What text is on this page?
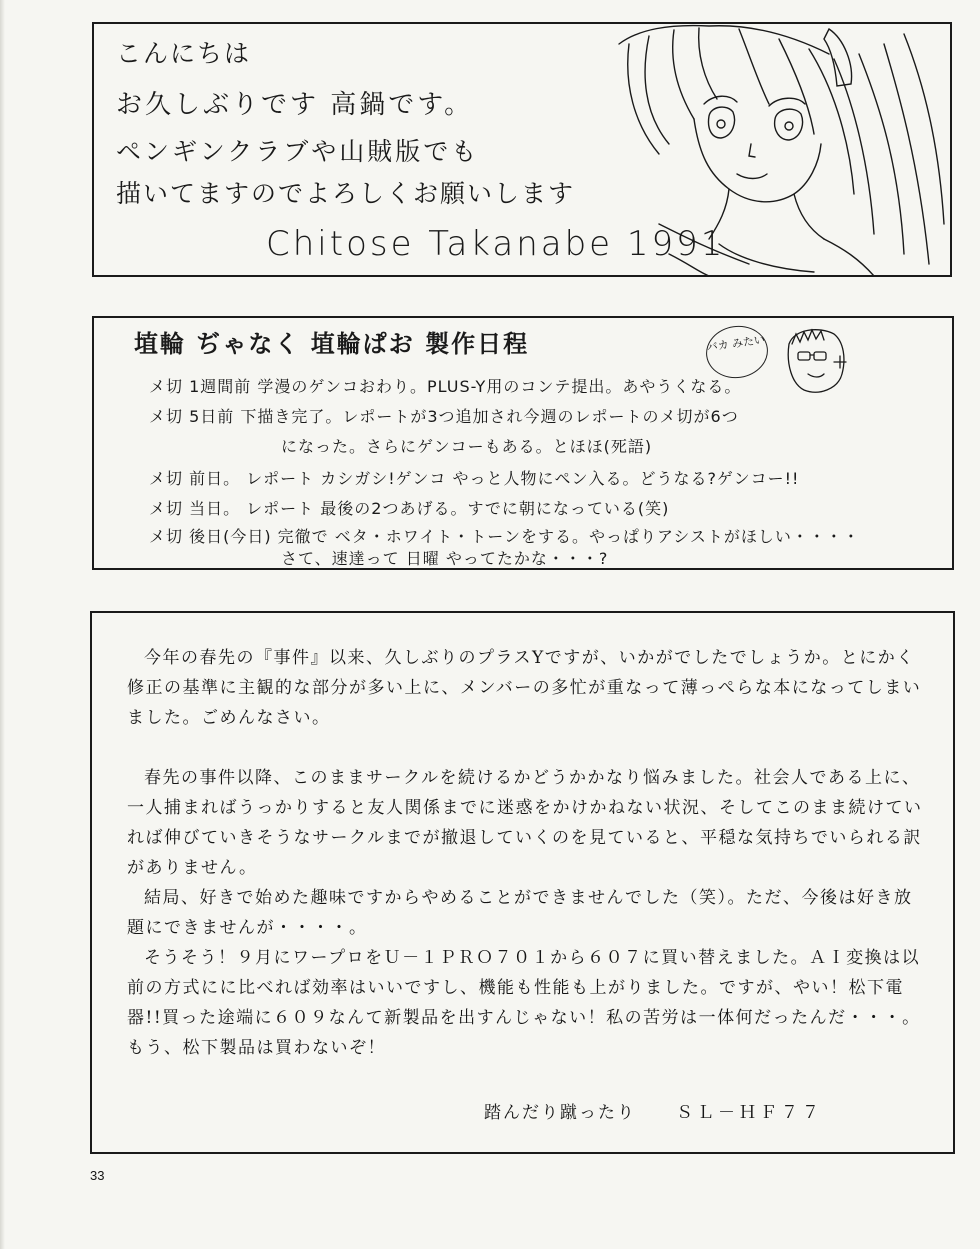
こんにちは
お久しぶりです 高鍋です。
ペンギンクラブや山賊版でも
描いてますのでよろしくお願いします
Chitose Takanabe 1991
埴輪 ぢゃなく 埴輪ぱお 製作日程	バカ みたい
メ切 1週間前 学漫のゲンコおわり。PLUS-Y用のコンテ提出。あやうくなる。
メ切 5日前 下描き完了。レポートが3つ追加され今週のレポートのメ切が6つ
になった。さらにゲンコーもある。とほほ(死語)
メ切 前日。 レポート カシガシ!ゲンコ やっと人物にペン入る。どうなる?ゲンコー!!
メ切 当日。 レポート 最後の2つあげる。すでに朝になっている(笑)
メ切 後日(今日) 完徹で ベタ・ホワイト・トーンをする。やっぱりアシストがほしい・・・・
さて、速達って 日曜 やってたかな・・・?

今年の春先の『事件』以来、久しぶりのプラスYですが、いかがでしたでしょうか。とにかく修正の基準に主観的な部分が多い上に、メンバーの多忙が重なって薄っぺらな本になってしまいました。ごめんなさい。

春先の事件以降、このままサークルを続けるかどうかかなり悩みました。社会人である上に、一人捕まればうっかりすると友人関係までに迷惑をかけかねない状況、そしてこのまま続けていれば伸びていきそうなサークルまでが撤退していくのを見ていると、平穏な気持ちでいられる訳がありません。

結局、好きで始めた趣味ですからやめることができませんでした（笑）。ただ、今後は好き放題にできませんが・・・・。

そうそう！９月にワープロをＵ－１ＰＲＯ７０１から６０７に買い替えました。ＡＩ変換は以前の方式にに比べれば効率はいいですし、機能も性能も上がりました。ですが、やい！松下電器!!買った途端に６０９なんて新製品を出すんじゃない！私の苦労は一体何だったんだ・・・。もう、松下製品は買わないぞ！

踏んだり蹴ったり ＳＬ－ＨＦ７７
33
